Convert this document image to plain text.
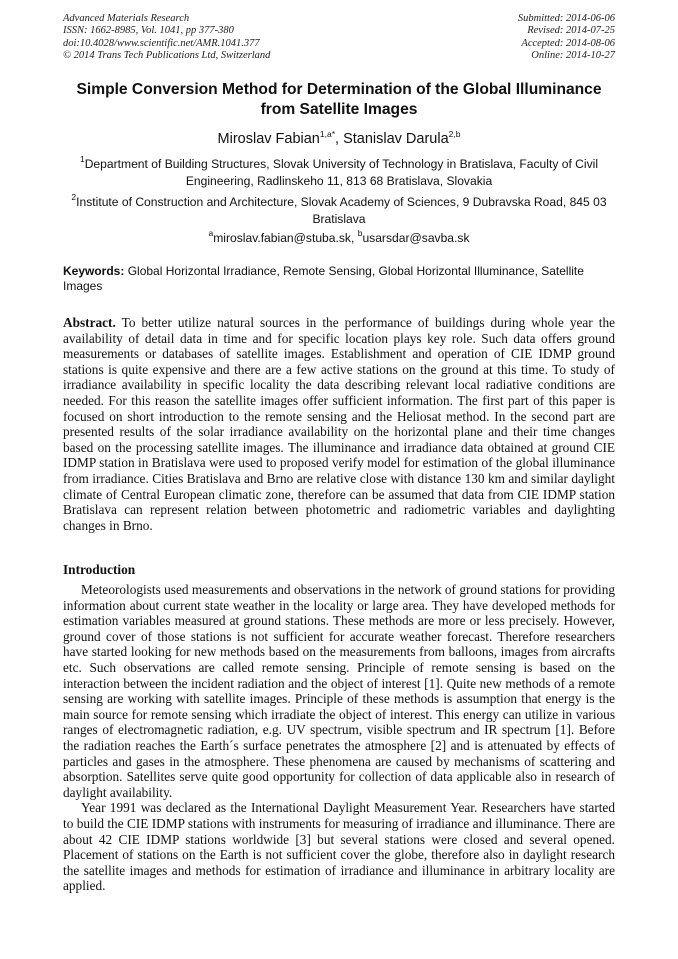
Advanced Materials Research
ISSN: 1662-8985, Vol. 1041, pp 377-380
doi:10.4028/www.scientific.net/AMR.1041.377
© 2014 Trans Tech Publications Ltd, Switzerland
Submitted: 2014-06-06
Revised: 2014-07-25
Accepted: 2014-08-06
Online: 2014-10-27
Simple Conversion Method for Determination of the Global Illuminance from Satellite Images
Miroslav Fabian$^{1,a*}$, Stanislav Darula$^{2,b}$
$^1$Department of Building Structures, Slovak University of Technology in Bratislava, Faculty of Civil Engineering, Radlinskeho 11, 813 68 Bratislava, Slovakia
$^2$Institute of Construction and Architecture, Slovak Academy of Sciences, 9 Dubravska Road, 845 03 Bratislava
$^a$miroslav.fabian@stuba.sk, $^b$usarsdar@savba.sk
Keywords: Global Horizontal Irradiance, Remote Sensing, Global Horizontal Illuminance, Satellite Images
Abstract. To better utilize natural sources in the performance of buildings during whole year the availability of detail data in time and for specific location plays key role. Such data offers ground measurements or databases of satellite images. Establishment and operation of CIE IDMP ground stations is quite expensive and there are a few active stations on the ground at this time. To study of irradiance availability in specific locality the data describing relevant local radiative conditions are needed. For this reason the satellite images offer sufficient information. The first part of this paper is focused on short introduction to the remote sensing and the Heliosat method. In the second part are presented results of the solar irradiance availability on the horizontal plane and their time changes based on the processing satellite images. The illuminance and irradiance data obtained at ground CIE IDMP station in Bratislava were used to proposed verify model for estimation of the global illuminance from irradiance. Cities Bratislava and Brno are relative close with distance 130 km and similar daylight climate of Central European climatic zone, therefore can be assumed that data from CIE IDMP station Bratislava can represent relation between photometric and radiometric variables and daylighting changes in Brno.
Introduction

Meteorologists used measurements and observations in the network of ground stations for providing information about current state weather in the locality or large area. They have developed methods for estimation variables measured at ground stations. These methods are more or less precisely. However, ground cover of those stations is not sufficient for accurate weather forecast. Therefore researchers have started looking for new methods based on the measurements from balloons, images from aircrafts etc. Such observations are called remote sensing. Principle of remote sensing is based on the interaction between the incident radiation and the object of interest [1]. Quite new methods of a remote sensing are working with satellite images. Principle of these methods is assumption that energy is the main source for remote sensing which irradiate the object of interest. This energy can utilize in various ranges of electromagnetic radiation, e.g. UV spectrum, visible spectrum and IR spectrum [1]. Before the radiation reaches the Earth´s surface penetrates the atmosphere [2] and is attenuated by effects of particles and gases in the atmosphere. These phenomena are caused by mechanisms of scattering and absorption. Satellites serve quite good opportunity for collection of data applicable also in research of daylight availability.

Year 1991 was declared as the International Daylight Measurement Year. Researchers have started to build the CIE IDMP stations with instruments for measuring of irradiance and illuminance. There are about 42 CIE IDMP stations worldwide [3] but several stations were closed and several opened. Placement of stations on the Earth is not sufficient cover the globe, therefore also in daylight research the satellite images and methods for estimation of irradiance and illuminance in arbitrary locality are applied.
